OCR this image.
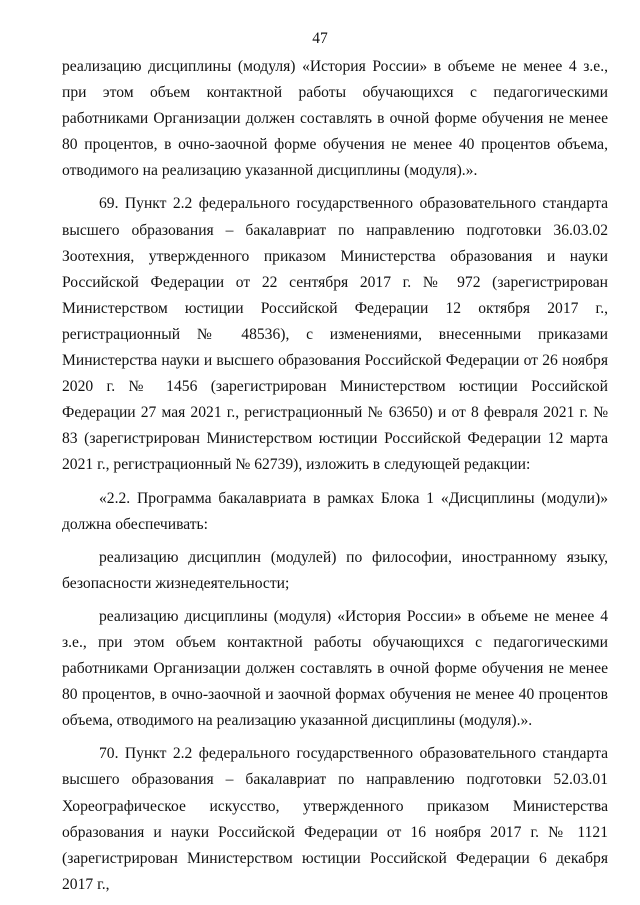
47

реализацию дисциплины (модуля) «История России» в объеме не менее 4 з.е., при этом объем контактной работы обучающихся с педагогическими работниками Организации должен составлять в очной форме обучения не менее 80 процентов, в очно-заочной форме обучения не менее 40 процентов объема, отводимого на реализацию указанной дисциплины (модуля).».

69. Пункт 2.2 федерального государственного образовательного стандарта высшего образования – бакалавриат по направлению подготовки 36.03.02 Зоотехния, утвержденного приказом Министерства образования и науки Российской Федерации от 22 сентября 2017 г. № 972 (зарегистрирован Министерством юстиции Российской Федерации 12 октября 2017 г., регистрационный № 48536), с изменениями, внесенными приказами Министерства науки и высшего образования Российской Федерации от 26 ноября 2020 г. № 1456 (зарегистрирован Министерством юстиции Российской Федерации 27 мая 2021 г., регистрационный № 63650) и от 8 февраля 2021 г. № 83 (зарегистрирован Министерством юстиции Российской Федерации 12 марта 2021 г., регистрационный № 62739), изложить в следующей редакции:

«2.2. Программа бакалавриата в рамках Блока 1 «Дисциплины (модули)» должна обеспечивать:

реализацию дисциплин (модулей) по философии, иностранному языку, безопасности жизнедеятельности;

реализацию дисциплины (модуля) «История России» в объеме не менее 4 з.е., при этом объем контактной работы обучающихся с педагогическими работниками Организации должен составлять в очной форме обучения не менее 80 процентов, в очно-заочной и заочной формах обучения не менее 40 процентов объема, отводимого на реализацию указанной дисциплины (модуля).».

70. Пункт 2.2 федерального государственного образовательного стандарта высшего образования – бакалавриат по направлению подготовки 52.03.01 Хореографическое искусство, утвержденного приказом Министерства образования и науки Российской Федерации от 16 ноября 2017 г. № 1121 (зарегистрирован Министерством юстиции Российской Федерации 6 декабря 2017 г.,
